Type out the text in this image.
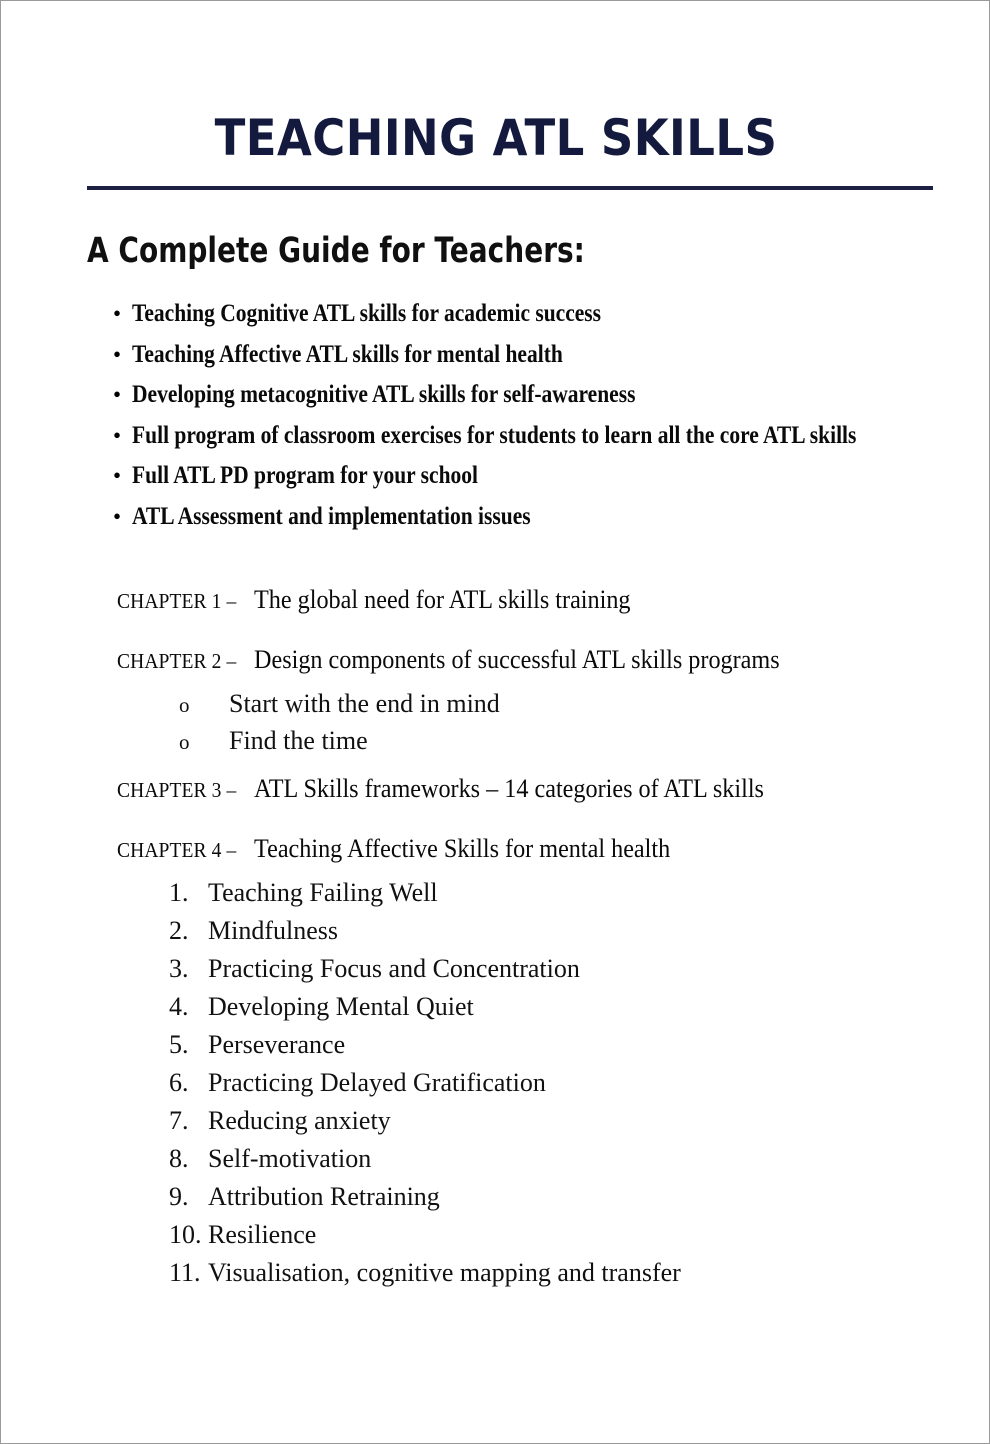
TEACHING ATL SKILLS
A Complete Guide for Teachers:
• Teaching Cognitive ATL skills for academic success
• Teaching Affective ATL skills for mental health
• Developing metacognitive ATL skills for self-awareness
• Full program of classroom exercises for students to learn all the core ATL skills
• Full ATL PD program for your school
• ATL Assessment and implementation issues
CHAPTER 1 – The global need for ATL skills training
CHAPTER 2 – Design components of successful ATL skills programs
o	Start with the end in mind
o	Find the time
CHAPTER 3 – ATL Skills frameworks – 14 categories of ATL skills
CHAPTER 4 – Teaching Affective Skills for mental health
1. Teaching Failing Well
2. Mindfulness
3. Practicing Focus and Concentration
4. Developing Mental Quiet
5. Perseverance
6. Practicing Delayed Gratification
7. Reducing anxiety
8. Self-motivation
9. Attribution Retraining
10. Resilience
11. Visualisation, cognitive mapping and transfer
